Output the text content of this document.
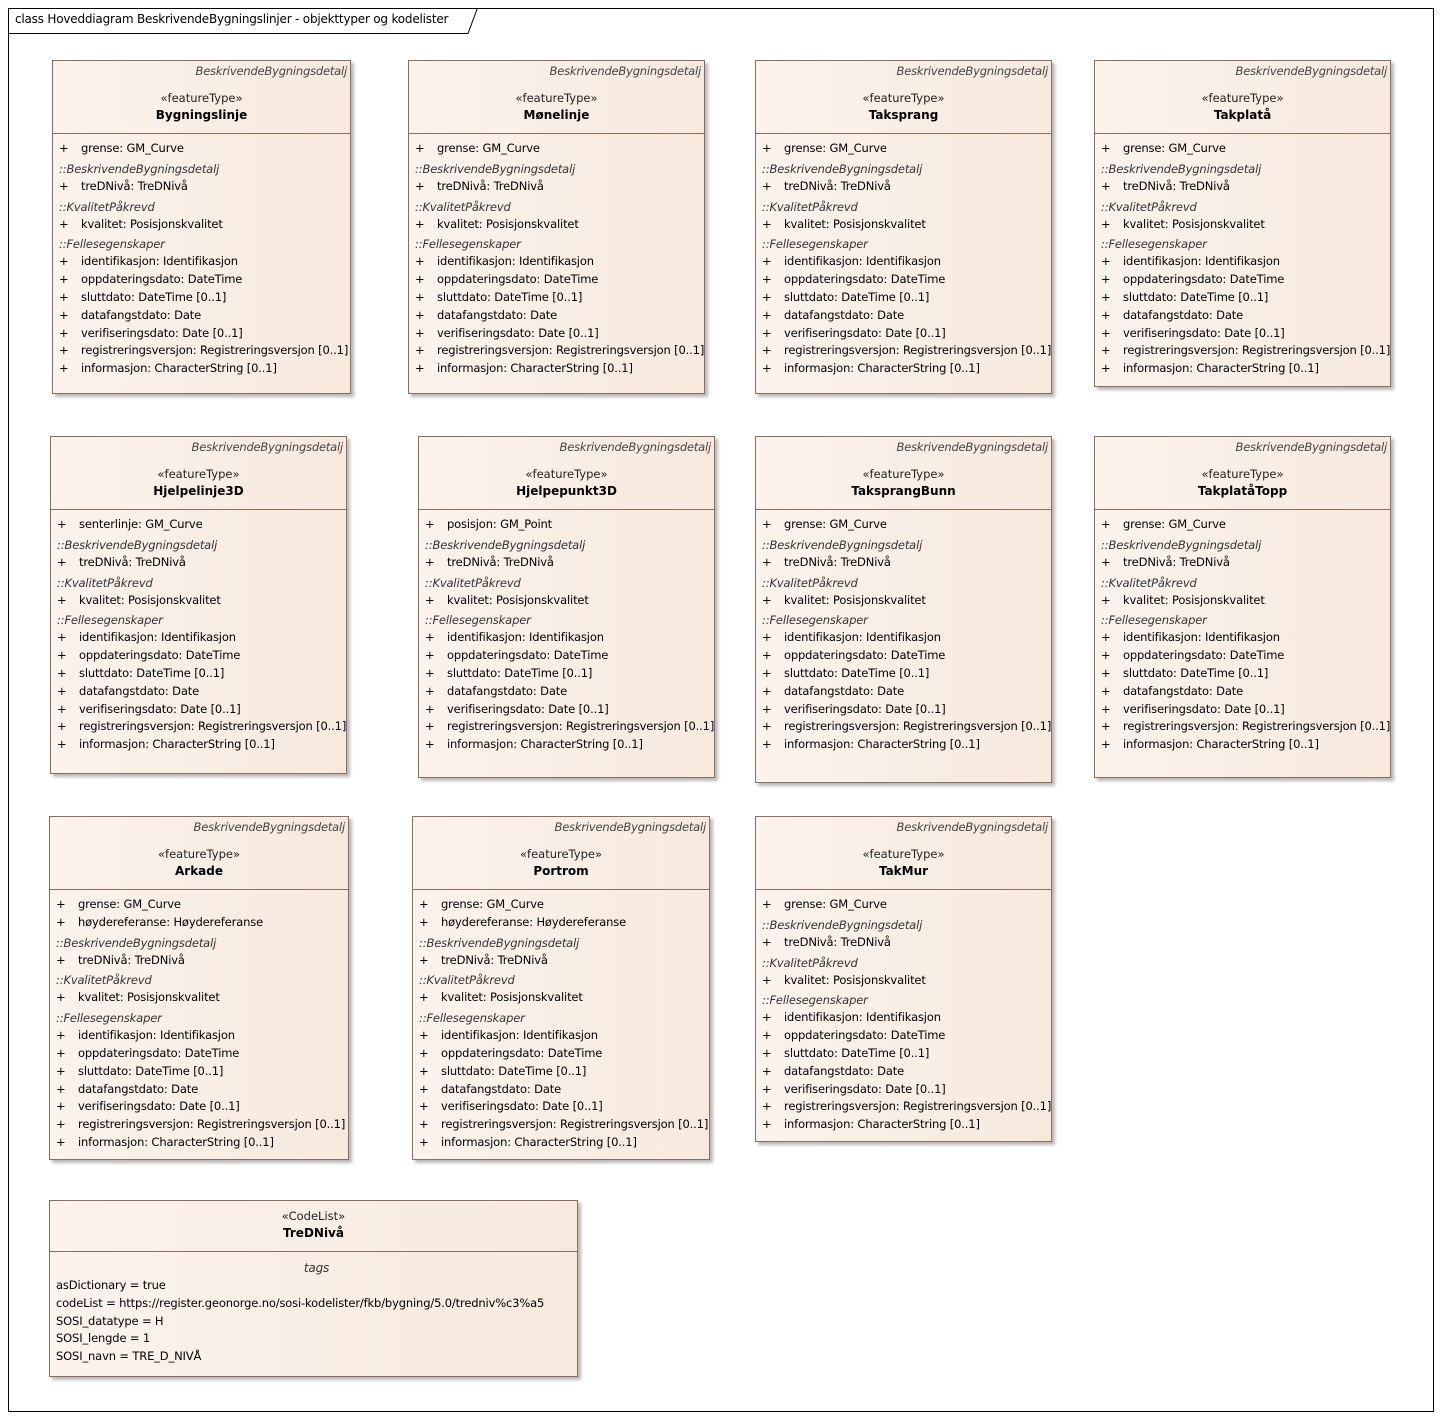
class Hoveddiagram BeskrivendeBygningslinjer - objekttyper og kodelister
BeskrivendeBygningsdetalj
«featureType»
Bygningslinje
+ grense: GM_Curve
::BeskrivendeBygningsdetalj
+ treDNivå: TreDNivå
::KvalitetPåkrevd
+ kvalitet: Posisjonskvalitet
::Fellesegenskaper
+ identifikasjon: Identifikasjon
+ oppdateringsdato: DateTime
+ sluttdato: DateTime [0..1]
+ datafangstdato: Date
+ verifiseringsdato: Date [0..1]
+ registreringsversjon: Registreringsversjon [0..1]
+ informasjon: CharacterString [0..1]
BeskrivendeBygningsdetalj
«featureType»
Mønelinje
+ grense: GM_Curve
::BeskrivendeBygningsdetalj
+ treDNivå: TreDNivå
::KvalitetPåkrevd
+ kvalitet: Posisjonskvalitet
::Fellesegenskaper
+ identifikasjon: Identifikasjon
+ oppdateringsdato: DateTime
+ sluttdato: DateTime [0..1]
+ datafangstdato: Date
+ verifiseringsdato: Date [0..1]
+ registreringsversjon: Registreringsversjon [0..1]
+ informasjon: CharacterString [0..1]
BeskrivendeBygningsdetalj
«featureType»
Taksprang
+ grense: GM_Curve
::BeskrivendeBygningsdetalj
+ treDNivå: TreDNivå
::KvalitetPåkrevd
+ kvalitet: Posisjonskvalitet
::Fellesegenskaper
+ identifikasjon: Identifikasjon
+ oppdateringsdato: DateTime
+ sluttdato: DateTime [0..1]
+ datafangstdato: Date
+ verifiseringsdato: Date [0..1]
+ registreringsversjon: Registreringsversjon [0..1]
+ informasjon: CharacterString [0..1]
BeskrivendeBygningsdetalj
«featureType»
Takplatå
+ grense: GM_Curve
::BeskrivendeBygningsdetalj
+ treDNivå: TreDNivå
::KvalitetPåkrevd
+ kvalitet: Posisjonskvalitet
::Fellesegenskaper
+ identifikasjon: Identifikasjon
+ oppdateringsdato: DateTime
+ sluttdato: DateTime [0..1]
+ datafangstdato: Date
+ verifiseringsdato: Date [0..1]
+ registreringsversjon: Registreringsversjon [0..1]
+ informasjon: CharacterString [0..1]
BeskrivendeBygningsdetalj
«featureType»
Hjelpelinje3D
+ senterlinje: GM_Curve
::BeskrivendeBygningsdetalj
+ treDNivå: TreDNivå
::KvalitetPåkrevd
+ kvalitet: Posisjonskvalitet
::Fellesegenskaper
+ identifikasjon: Identifikasjon
+ oppdateringsdato: DateTime
+ sluttdato: DateTime [0..1]
+ datafangstdato: Date
+ verifiseringsdato: Date [0..1]
+ registreringsversjon: Registreringsversjon [0..1]
+ informasjon: CharacterString [0..1]
BeskrivendeBygningsdetalj
«featureType»
Hjelpepunkt3D
+ posisjon: GM_Point
::BeskrivendeBygningsdetalj
+ treDNivå: TreDNivå
::KvalitetPåkrevd
+ kvalitet: Posisjonskvalitet
::Fellesegenskaper
+ identifikasjon: Identifikasjon
+ oppdateringsdato: DateTime
+ sluttdato: DateTime [0..1]
+ datafangstdato: Date
+ verifiseringsdato: Date [0..1]
+ registreringsversjon: Registreringsversjon [0..1]
+ informasjon: CharacterString [0..1]
BeskrivendeBygningsdetalj
«featureType»
TaksprangBunn
+ grense: GM_Curve
::BeskrivendeBygningsdetalj
+ treDNivå: TreDNivå
::KvalitetPåkrevd
+ kvalitet: Posisjonskvalitet
::Fellesegenskaper
+ identifikasjon: Identifikasjon
+ oppdateringsdato: DateTime
+ sluttdato: DateTime [0..1]
+ datafangstdato: Date
+ verifiseringsdato: Date [0..1]
+ registreringsversjon: Registreringsversjon [0..1]
+ informasjon: CharacterString [0..1]
BeskrivendeBygningsdetalj
«featureType»
TakplatåTopp
+ grense: GM_Curve
::BeskrivendeBygningsdetalj
+ treDNivå: TreDNivå
::KvalitetPåkrevd
+ kvalitet: Posisjonskvalitet
::Fellesegenskaper
+ identifikasjon: Identifikasjon
+ oppdateringsdato: DateTime
+ sluttdato: DateTime [0..1]
+ datafangstdato: Date
+ verifiseringsdato: Date [0..1]
+ registreringsversjon: Registreringsversjon [0..1]
+ informasjon: CharacterString [0..1]
BeskrivendeBygningsdetalj
«featureType»
Arkade
+ grense: GM_Curve
+ høydereferanse: Høydereferanse
::BeskrivendeBygningsdetalj
+ treDNivå: TreDNivå
::KvalitetPåkrevd
+ kvalitet: Posisjonskvalitet
::Fellesegenskaper
+ identifikasjon: Identifikasjon
+ oppdateringsdato: DateTime
+ sluttdato: DateTime [0..1]
+ datafangstdato: Date
+ verifiseringsdato: Date [0..1]
+ registreringsversjon: Registreringsversjon [0..1]
+ informasjon: CharacterString [0..1]
BeskrivendeBygningsdetalj
«featureType»
Portrom
+ grense: GM_Curve
+ høydereferanse: Høydereferanse
::BeskrivendeBygningsdetalj
+ treDNivå: TreDNivå
::KvalitetPåkrevd
+ kvalitet: Posisjonskvalitet
::Fellesegenskaper
+ identifikasjon: Identifikasjon
+ oppdateringsdato: DateTime
+ sluttdato: DateTime [0..1]
+ datafangstdato: Date
+ verifiseringsdato: Date [0..1]
+ registreringsversjon: Registreringsversjon [0..1]
+ informasjon: CharacterString [0..1]
BeskrivendeBygningsdetalj
«featureType»
TakMur
+ grense: GM_Curve
::BeskrivendeBygningsdetalj
+ treDNivå: TreDNivå
::KvalitetPåkrevd
+ kvalitet: Posisjonskvalitet
::Fellesegenskaper
+ identifikasjon: Identifikasjon
+ oppdateringsdato: DateTime
+ sluttdato: DateTime [0..1]
+ datafangstdato: Date
+ verifiseringsdato: Date [0..1]
+ registreringsversjon: Registreringsversjon [0..1]
+ informasjon: CharacterString [0..1]
«CodeList»
TreDNivå
tags
asDictionary = true
codeList = https://register.geonorge.no/sosi-kodelister/fkb/bygning/5.0/tredniv%c3%a5
SOSI_datatype = H
SOSI_lengde = 1
SOSI_navn = TRE_D_NIVÅ
